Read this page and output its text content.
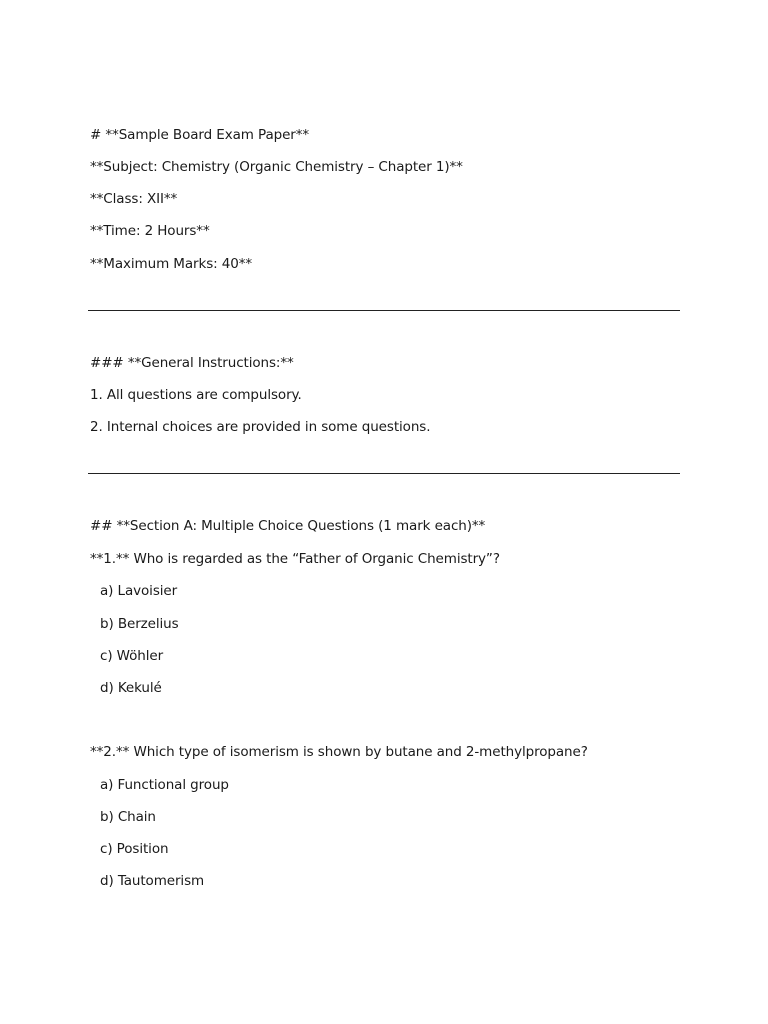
# **Sample Board Exam Paper**
**Subject: Chemistry (Organic Chemistry – Chapter 1)**
**Class: XII**
**Time: 2 Hours**
**Maximum Marks: 40**
### **General Instructions:**
1. All questions are compulsory.
2. Internal choices are provided in some questions.
## **Section A: Multiple Choice Questions (1 mark each)**
**1.** Who is regarded as the “Father of Organic Chemistry”?
a) Lavoisier
b) Berzelius
c) Wöhler
d) Kekulé
**2.** Which type of isomerism is shown by butane and 2-methylpropane?
a) Functional group
b) Chain
c) Position
d) Tautomerism
